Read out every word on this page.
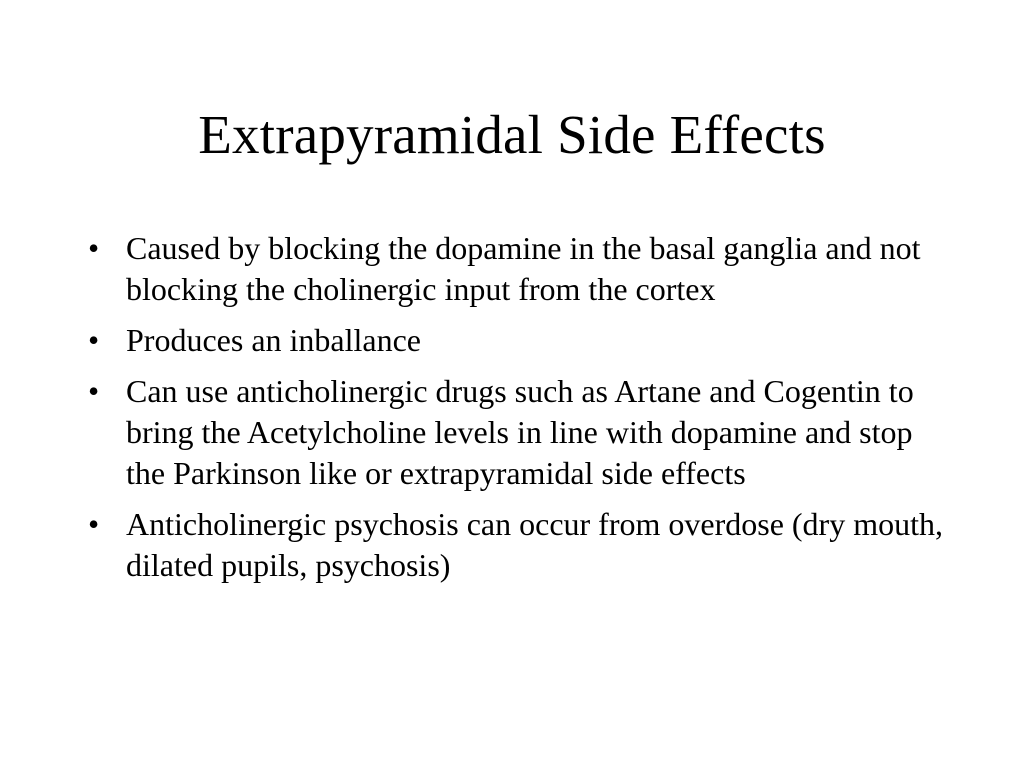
Extrapyramidal Side Effects
• Caused by blocking the dopamine in the basal ganglia and not blocking the cholinergic input from the cortex
• Produces an inballance
• Can use anticholinergic drugs such as Artane and Cogentin to bring the Acetylcholine levels in line with dopamine and stop the Parkinson like or extrapyramidal side effects
• Anticholinergic psychosis can occur from overdose (dry mouth, dilated pupils, psychosis)
